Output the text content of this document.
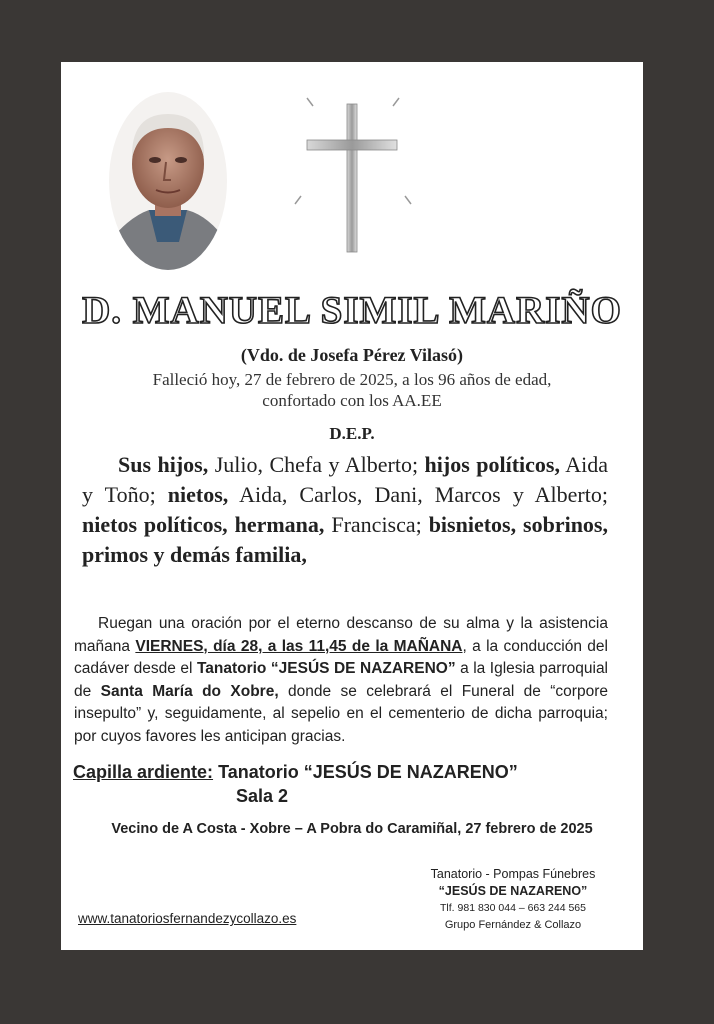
D. MANUEL SIMIL MARIÑO
(Vdo. de Josefa Pérez Vilasó)
Falleció hoy, 27 de febrero de 2025, a los 96 años de edad,
confortado con los AA.EE
D.E.P.
Sus hijos, Julio, Chefa y Alberto; hijos políticos, Aida y Toño; nietos, Aida, Carlos, Dani, Marcos y Alberto; nietos políticos, hermana, Francisca; bisnietos, sobrinos, primos y demás familia,
Ruegan una oración por el eterno descanso de su alma y la asistencia mañana VIERNES, día 28, a las 11,45 de la MAÑANA, a la conducción del cadáver desde el Tanatorio “JESÚS DE NAZARENO” a la Iglesia parroquial de Santa María do Xobre, donde se celebrará el Funeral de “corpore insepulto” y, seguidamente, al sepelio en el cementerio de dicha parroquia; por cuyos favores les anticipan gracias.
Capilla ardiente: Tanatorio “JESÚS DE NAZARENO”
Sala 2
Vecino de A Costa - Xobre – A Pobra do Caramiñal, 27 febrero de 2025
Tanatorio - Pompas Fúnebres
“JESÚS DE NAZARENO”
Tlf. 981 830 044 – 663 244 565
Grupo Fernández & Collazo
www.tanatoriosfernandezycollazo.es
